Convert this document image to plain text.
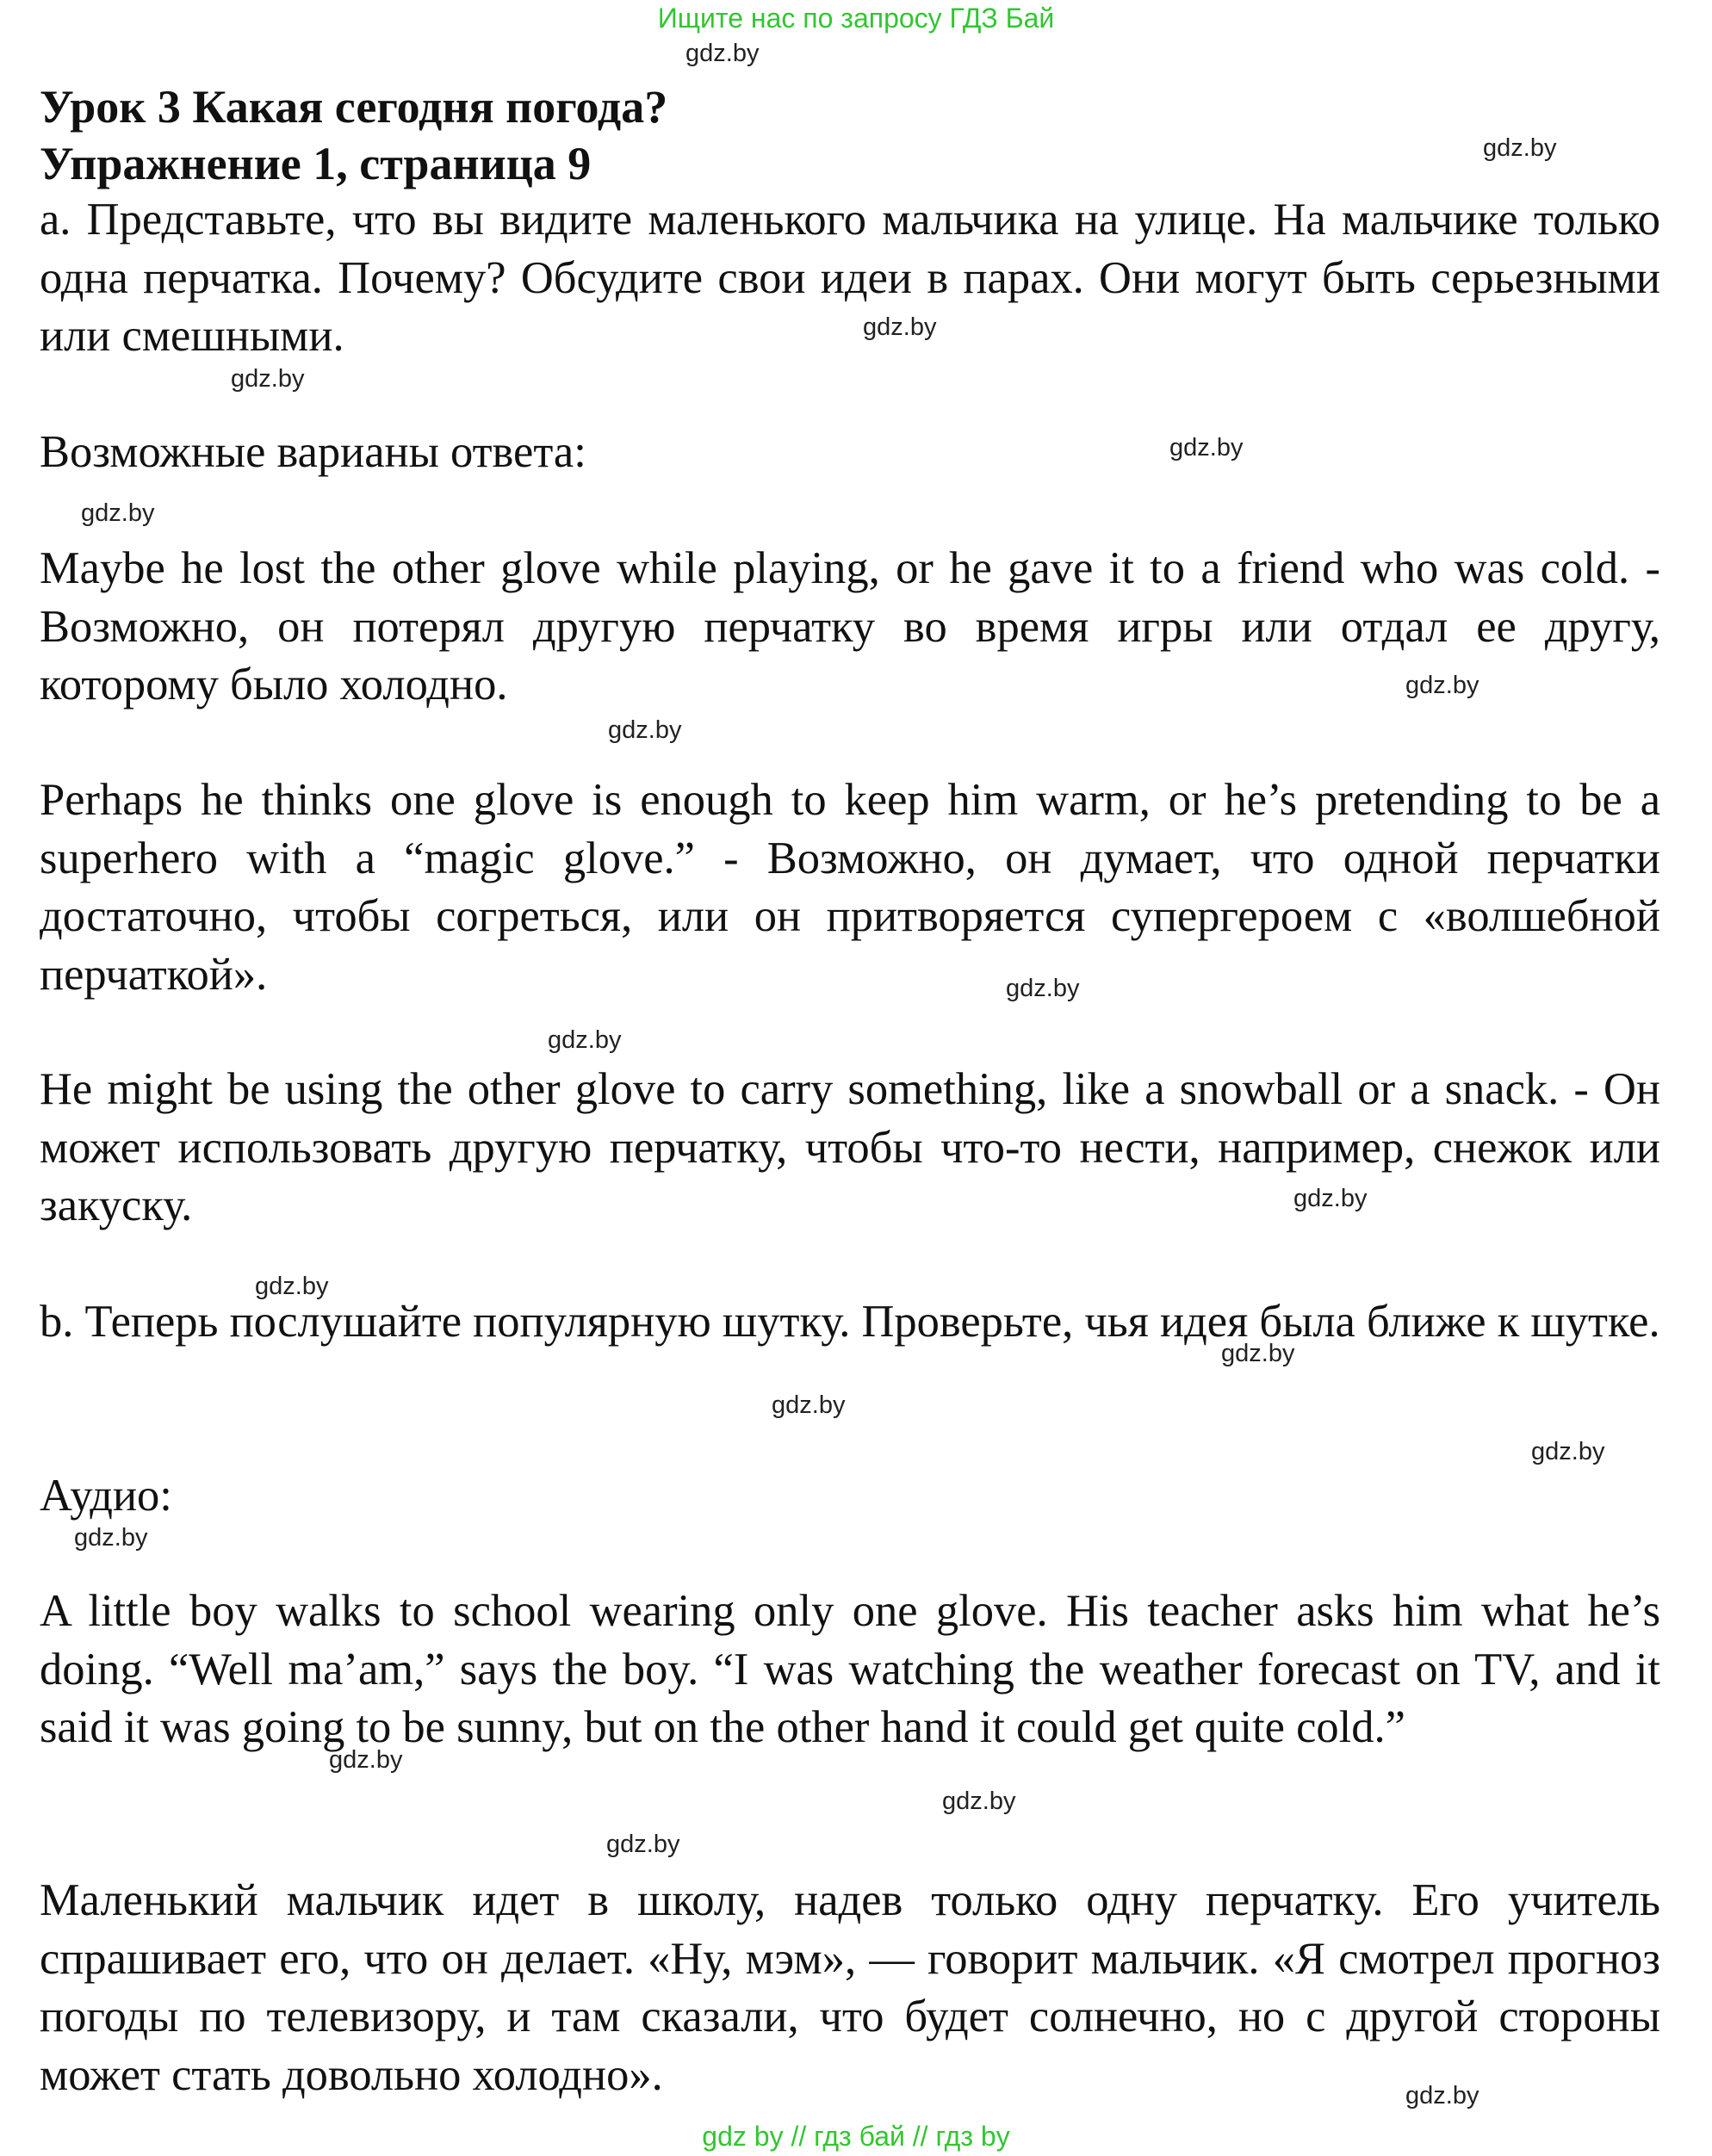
Ищите нас по запросу ГДЗ Бай
Урок 3 Какая сегодня погода?
Упражнение 1, страница 9

a. Представьте, что вы видите маленького мальчика на улице. На мальчике только одна перчатка. Почему? Обсудите свои идеи в парах. Они могут быть серьезными или смешными.

Возможные варианы ответа:

Maybe he lost the other glove while playing, or he gave it to a friend who was cold. - Возможно, он потерял другую перчатку во время игры или отдал ее другу, которому было холодно.

Perhaps he thinks one glove is enough to keep him warm, or he’s pretending to be a superhero with a “magic glove.” - Возможно, он думает, что одной перчатки достаточно, чтобы согреться, или он притворяется супергероем с «волшебной перчаткой».

He might be using the other glove to carry something, like a snowball or a snack. - Он может использовать другую перчатку, чтобы что-то нести, например, снежок или закуску.

b. Теперь послушайте популярную шутку. Проверьте, чья идея была ближе к шутке.

Аудио:

A little boy walks to school wearing only one glove. His teacher asks him what he’s doing. “Well ma’am,” says the boy. “I was watching the weather forecast on TV, and it said it was going to be sunny, but on the other hand it could get quite cold.”

Маленький мальчик идет в школу, надев только одну перчатку. Его учитель спрашивает его, что он делает. «Ну, мэм», — говорит мальчик. «Я смотрел прогноз погоды по телевизору, и там сказали, что будет солнечно, но с другой стороны может стать довольно холодно».

gdz.by
gdz.by
gdz.by
gdz.by
gdz.by
gdz.by
gdz.by
gdz.by
gdz.by
gdz.by
gdz.by
gdz.by
gdz.by
gdz.by
gdz.by
gdz.by
gdz.by
gdz.by
gdz.by
gdz.by
gdz by // гдз бай // гдз by
